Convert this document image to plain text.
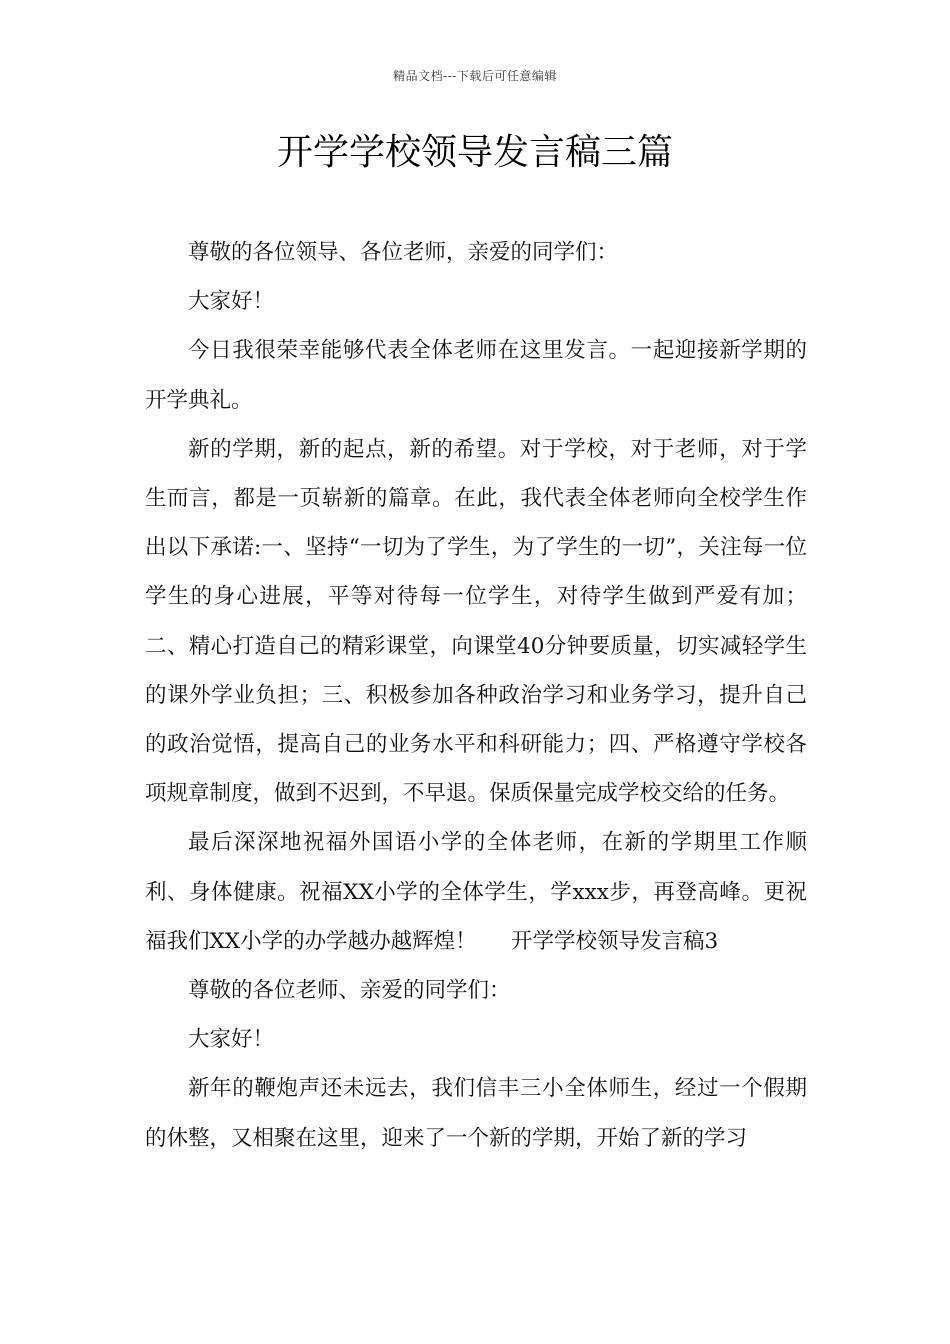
精品文档---下载后可任意编辑
开学学校领导发言稿三篇

尊敬的各位领导、各位老师，亲爱的同学们：

大家好！

今日我很荣幸能够代表全体老师在这里发言。一起迎接新学期的开学典礼。

新的学期，新的起点，新的希望。对于学校，对于老师，对于学生而言，都是一页崭新的篇章。在此，我代表全体老师向全校学生作出以下承诺:一、坚持“一切为了学生，为了学生的一切”，关注每一位学生的身心进展，平等对待每一位学生，对待学生做到严爱有加；二、精心打造自己的精彩课堂，向课堂40分钟要质量，切实减轻学生的课外学业负担；三、积极参加各种政治学习和业务学习，提升自己的政治觉悟，提高自己的业务水平和科研能力；四、严格遵守学校各项规章制度，做到不迟到，不早退。保质保量完成学校交给的任务。

最后深深地祝福外国语小学的全体老师，在新的学期里工作顺利、身体健康。祝福XX小学的全体学生，学xxx步，再登高峰。更祝福我们XX小学的办学越办越辉煌！ 开学学校领导发言稿3

尊敬的各位老师、亲爱的同学们：

大家好！

新年的鞭炮声还未远去，我们信丰三小全体师生，经过一个假期的休整，又相聚在这里，迎来了一个新的学期，开始了新的学习
